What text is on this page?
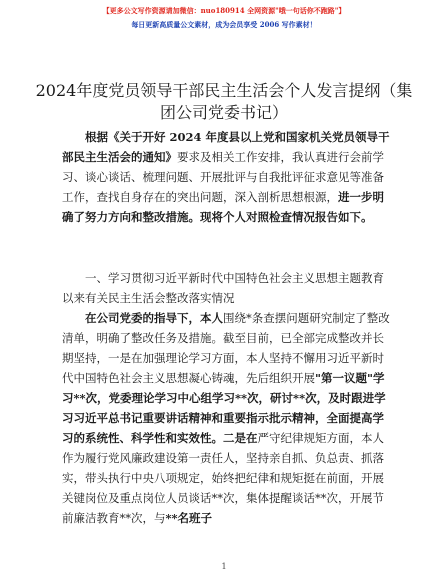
【更多公文写作资源请加微信：nuo180914 全网资源"哦一句话你不跑路"】
每日更新高质量公文素材，成为会员享受 2006 写作素材！
2024年度党员领导干部民主生活会个人发言提纲（集团公司党委书记）

根据《关于开好 2024 年度县以上党和国家机关党员领导干部民主生活会的通知》要求及相关工作安排，我认真进行会前学习、谈心谈话、梳理问题、开展批评与自我批评征求意见等准备工作，查找自身存在的突出问题，深入剖析思想根源，进一步明确了努力方向和整改措施。现将个人对照检查情况报告如下。

一、学习贯彻习近平新时代中国特色社会主义思想主题教育以来有关民主生活会整改落实情况

在公司党委的指导下，本人围绕*条查摆问题研究制定了整改清单，明确了整改任务及措施。截至目前，已全部完成整改并长期坚持，一是在加强理论学习方面，本人坚持不懈用习近平新时代中国特色社会主义思想凝心铸魂，先后组织开展"第一议题"学习**次，党委理论学习中心组学习**次，研讨**次，及时跟进学习习近平总书记重要讲话精神和重要指示批示精神，全面提高学习的系统性、科学性和实效性。二是在严守纪律规矩方面，本人作为履行党风廉政建设第一责任人，坚持亲自抓、负总责、抓落实，带头执行中央八项规定，始终把纪律和规矩挺在前面，开展关键岗位及重点岗位人员谈话**次，集体提醒谈话**次，开展节前廉洁教育**次，与**名班子

1
